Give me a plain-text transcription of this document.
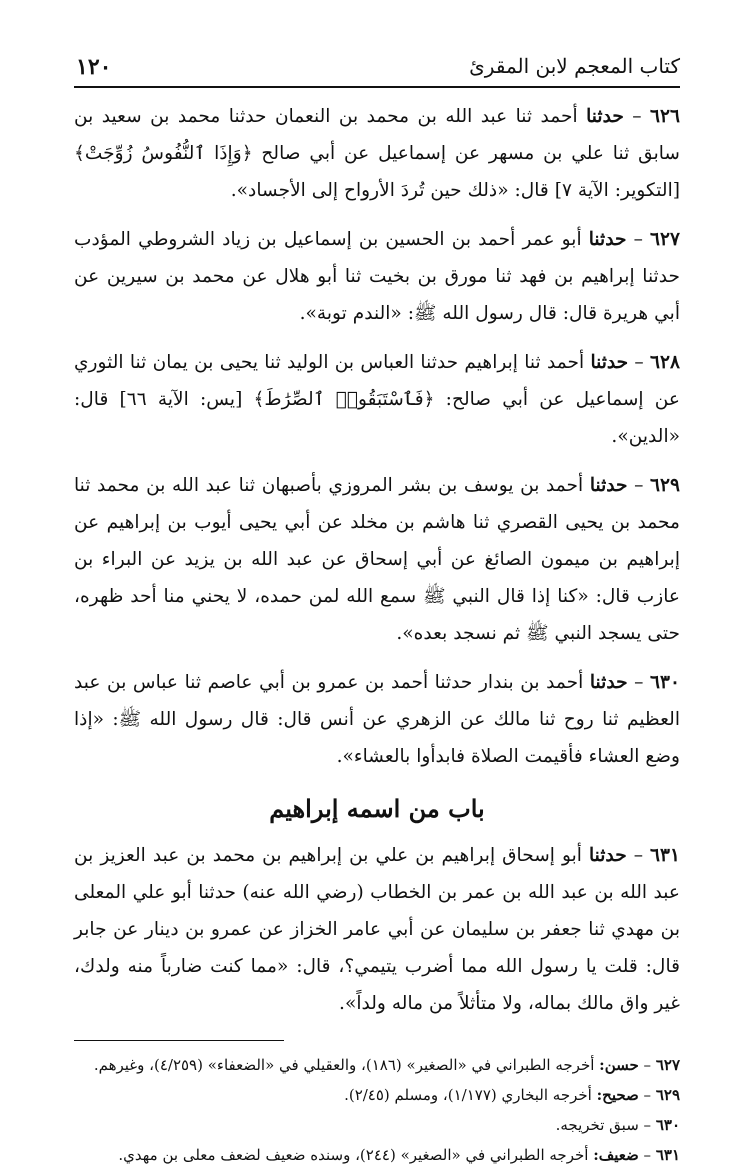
كتاب المعجم لابن المقرئ
١٢٠

٦٢٦ – حدثنا أحمد ثنا عبد الله بن محمد بن النعمان حدثنا محمد بن سعيد بن سابق ثنا علي بن مسهر عن إسماعيل عن أبي صالح ﴿وَإِذَا ٱلنُّفُوسُ زُوِّجَتْ﴾ [التكوير: الآية ٧] قال: «ذلك حين تُردَ الأرواح إلى الأجساد».

٦٢٧ – حدثنا أبو عمر أحمد بن الحسين بن إسماعيل بن زياد الشروطي المؤدب حدثنا إبراهيم بن فهد ثنا مورق بن بخيت ثنا أبو هلال عن محمد بن سيرين عن أبي هريرة قال: قال رسول الله ﷺ: «الندم توبة».

٦٢٨ – حدثنا أحمد ثنا إبراهيم حدثنا العباس بن الوليد ثنا يحيى بن يمان ثنا الثوري عن إسماعيل عن أبي صالح: ﴿فَٱسْتَبَقُوا۟ ٱلصِّرَٰطَ﴾ [يس: الآية ٦٦] قال: «الدين».

٦٢٩ – حدثنا أحمد بن يوسف بن بشر المروزي بأصبهان ثنا عبد الله بن محمد ثنا محمد بن يحيى القصري ثنا هاشم بن مخلد عن أبي يحيى أيوب بن إبراهيم عن إبراهيم بن ميمون الصائغ عن أبي إسحاق عن عبد الله بن يزيد عن البراء بن عازب قال: «كنا إذا قال النبي ﷺ سمع الله لمن حمده، لا يحني منا أحد ظهره، حتى يسجد النبي ﷺ ثم نسجد بعده».

٦٣٠ – حدثنا أحمد بن بندار حدثنا أحمد بن عمرو بن أبي عاصم ثنا عباس بن عبد العظيم ثنا روح ثنا مالك عن الزهري عن أنس قال: قال رسول الله ﷺ: «إذا وضع العشاء فأقيمت الصلاة فابدأوا بالعشاء».

باب من اسمه إبراهيم

٦٣١ – حدثنا أبو إسحاق إبراهيم بن علي بن إبراهيم بن محمد بن عبد العزيز بن عبد الله بن عبد الله بن عمر بن الخطاب (رضي الله عنه) حدثنا أبو علي المعلى بن مهدي ثنا جعفر بن سليمان عن أبي عامر الخزاز عن عمرو بن دينار عن جابر قال: قلت يا رسول الله مما أضرب يتيمي؟، قال: «مما كنت ضارباً منه ولدك، غير واق مالك بماله، ولا متأثلاً من ماله ولداً».

٦٢٧ – حسن: أخرجه الطبراني في «الصغير» (١٨٦)، والعقيلي في «الضعفاء» (٤/٢٥٩)، وغيرهم.

٦٢٩ – صحيح: أخرجه البخاري (١/١٧٧)، ومسلم (٢/٤٥).

٦٣٠ – سبق تخريجه.

٦٣١ – ضعيف: أخرجه الطبراني في «الصغير» (٢٤٤)، وسنده ضعيف لضعف معلى بن مهدي.
